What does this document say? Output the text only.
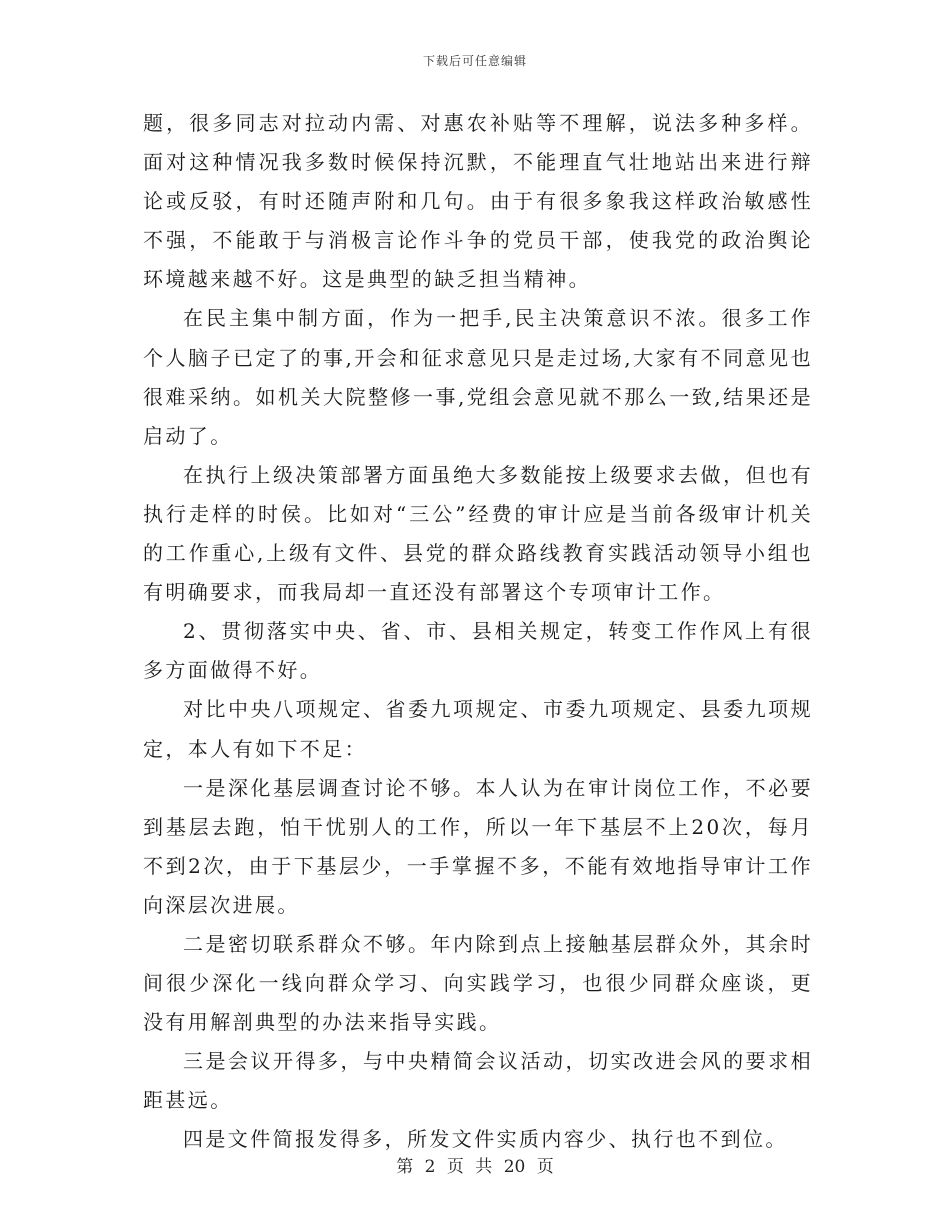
下载后可任意编辑

题，很多同志对拉动内需、对惠农补贴等不理解，说法多种多样。面对这种情况我多数时候保持沉默，不能理直气壮地站出来进行辩论或反驳，有时还随声附和几句。由于有很多象我这样政治敏感性不强，不能敢于与消极言论作斗争的党员干部，使我党的政治舆论环境越来越不好。这是典型的缺乏担当精神。

在民主集中制方面，作为一把手,民主决策意识不浓。很多工作个人脑子已定了的事,开会和征求意见只是走过场,大家有不同意见也很难采纳。如机关大院整修一事,党组会意见就不那么一致,结果还是启动了。

在执行上级决策部署方面虽绝大多数能按上级要求去做，但也有执行走样的时侯。比如对“三公”经费的审计应是当前各级审计机关的工作重心,上级有文件、县党的群众路线教育实践活动领导小组也有明确要求，而我局却一直还没有部署这个专项审计工作。

2、贯彻落实中央、省、市、县相关规定，转变工作作风上有很多方面做得不好。

对比中央八项规定、省委九项规定、市委九项规定、县委九项规定，本人有如下不足：

一是深化基层调查讨论不够。本人认为在审计岗位工作，不必要到基层去跑，怕干忧别人的工作，所以一年下基层不上20次，每月不到2次，由于下基层少，一手掌握不多，不能有效地指导审计工作向深层次进展。

二是密切联系群众不够。年内除到点上接触基层群众外，其余时间很少深化一线向群众学习、向实践学习，也很少同群众座谈，更没有用解剖典型的办法来指导实践。

三是会议开得多，与中央精简会议活动，切实改进会风的要求相距甚远。

四是文件简报发得多，所发文件实质内容少、执行也不到位。

第 2 页 共 20 页
